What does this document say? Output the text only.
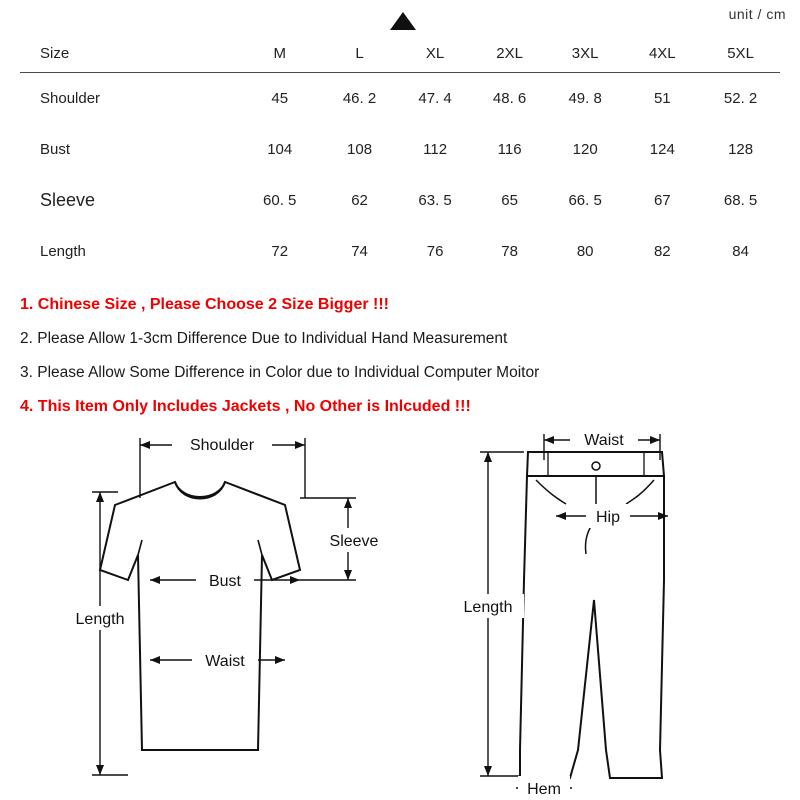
unit / cm
Size	M	L	XL	2XL	3XL	4XL	5XL
Shoulder	45	46. 2	47. 4	48. 6	49. 8	51	52. 2
Bust	104	108	112	116	120	124	128
Sleeve	60. 5	62	63. 5	65	66. 5	67	68. 5
Length	72	74	76	78	80	82	84
1. Chinese Size , Please Choose 2 Size Bigger !!!
2. Please Allow 1-3cm Difference Due to Individual Hand Measurement
3. Please Allow Some Difference in Color due to Individual Computer Moitor
4. This Item Only Includes Jackets , No Other is Inlcuded !!!
Shoulder
Sleeve
Bust
Waist
Length
Waist
Hip
Length
Hem
